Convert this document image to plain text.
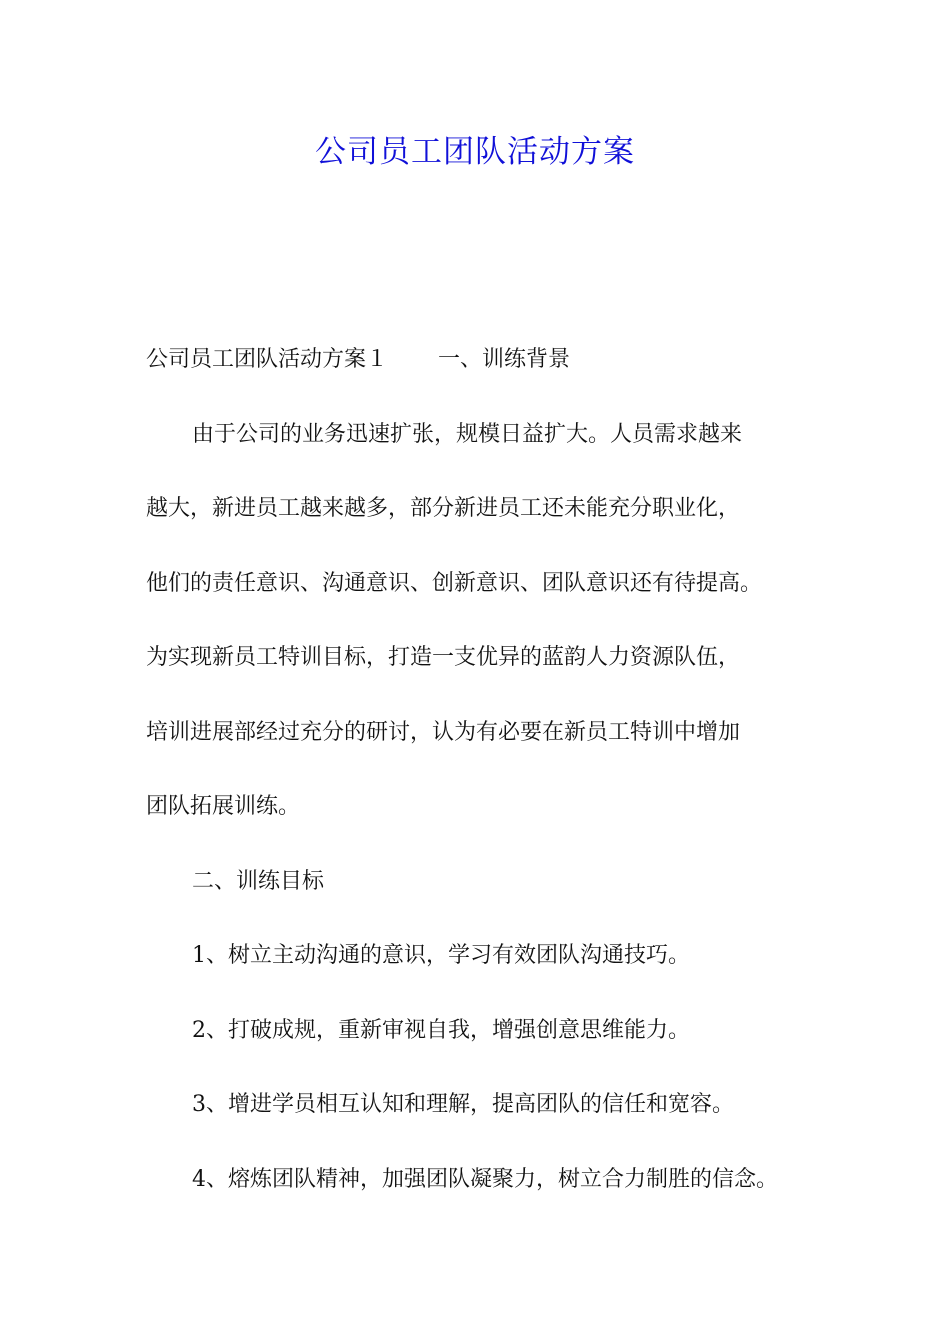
公司员工团队活动方案

公司员工团队活动方案１ 一、训练背景

由于公司的业务迅速扩张，规模日益扩大。人员需求越来

越大，新进员工越来越多，部分新进员工还未能充分职业化，

他们的责任意识、沟通意识、创新意识、团队意识还有待提高。

为实现新员工特训目标，打造一支优异的蓝韵人力资源队伍，

培训进展部经过充分的研讨，认为有必要在新员工特训中增加

团队拓展训练。

二、训练目标

1、树立主动沟通的意识，学习有效团队沟通技巧。

2、打破成规，重新审视自我，增强创意思维能力。

3、增进学员相互认知和理解，提高团队的信任和宽容。

4、熔炼团队精神，加强团队凝聚力，树立合力制胜的信念。
